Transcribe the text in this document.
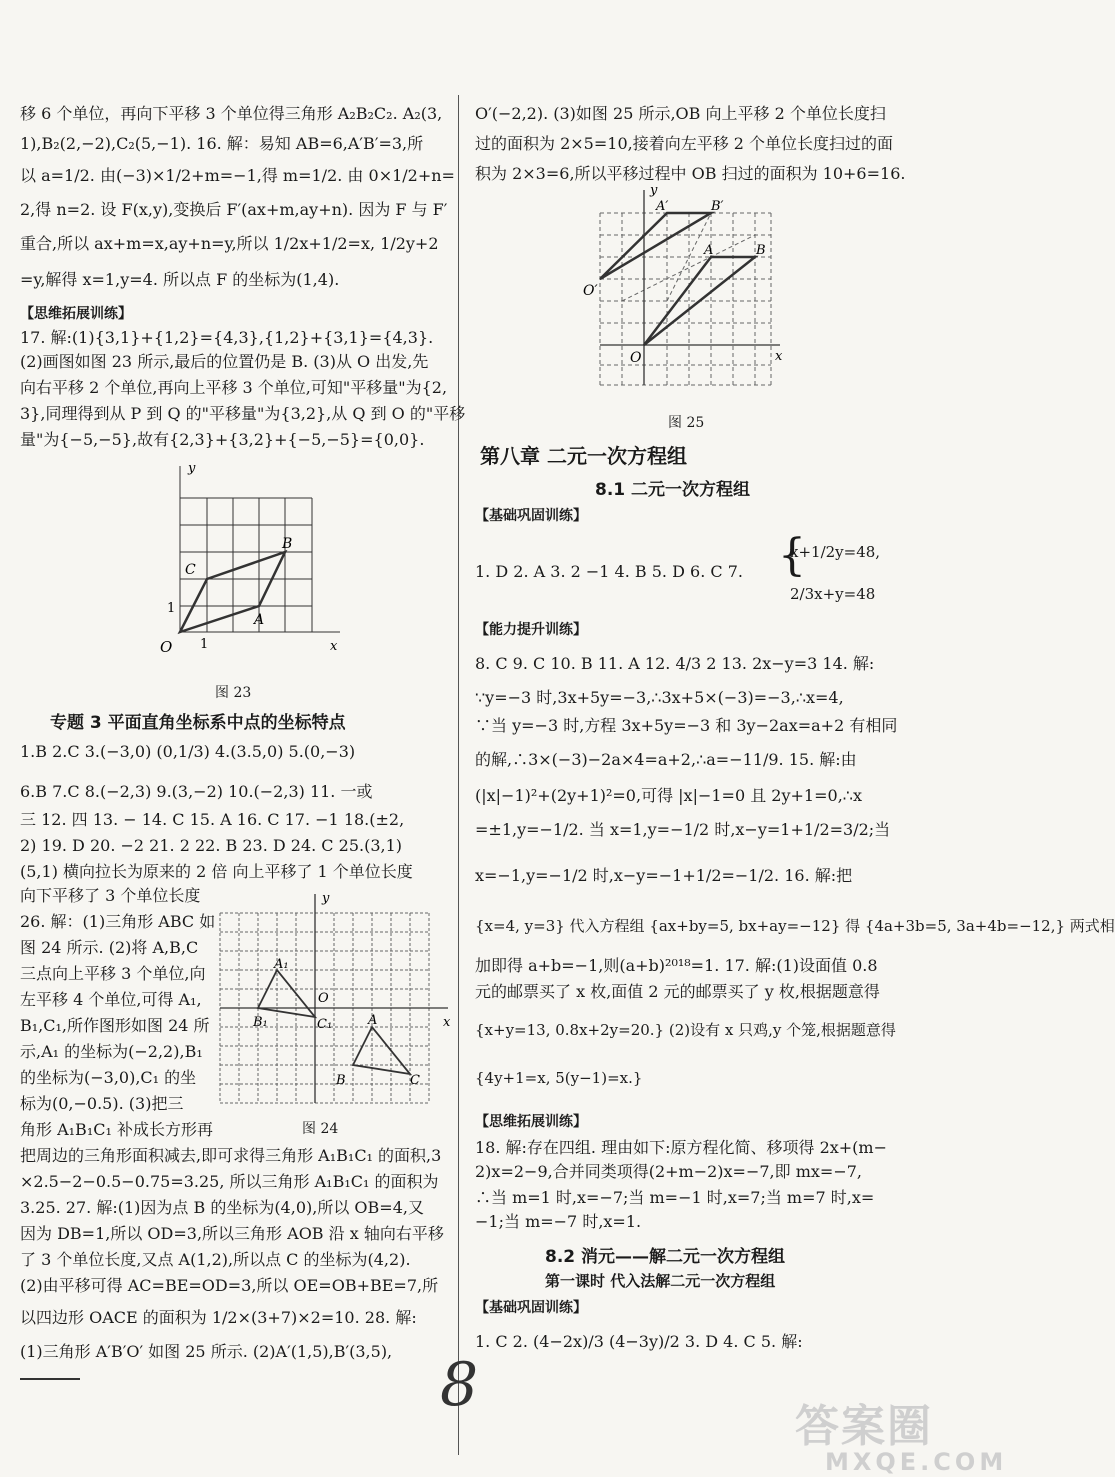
移 6 个单位，再向下平移 3 个单位得三角形 A₂B₂C₂. A₂(3,
1),B₂(2,−2),C₂(5,−1). 16. 解：易知 AB=6,A′B′=3,所
以 a=1/2. 由(−3)×1/2+m=−1,得 m=1/2. 由 0×1/2+n=
2,得 n=2. 设 F(x,y),变换后 F′(ax+m,ay+n). 因为 F 与 F′
重合,所以 ax+m=x,ay+n=y,所以 1/2x+1/2=x, 1/2y+2
=y,解得 x=1,y=4. 所以点 F 的坐标为(1,4).
【思维拓展训练】
17. 解:(1){3,1}+{1,2}={4,3},{1,2}+{3,1}={4,3}.
(2)画图如图 23 所示,最后的位置仍是 B. (3)从 O 出发,先
向右平移 2 个单位,再向上平移 3 个单位,可知"平移量"为{2,
3},同理得到从 P 到 Q 的"平移量"为{3,2},从 Q 到 O 的"平移
量"为{−5,−5},故有{2,3}+{3,2}+{−5,−5}={0,0}.
y
x
O 1
1
A
B
C
图 23
专题 3 平面直角坐标系中点的坐标特点
1.B 2.C 3.(−3,0) (0,1/3) 4.(3.5,0) 5.(0,−3)
6.B 7.C 8.(−2,3) 9.(3,−2) 10.(−2,3) 11. 一或
三 12. 四 13. − 14. C 15. A 16. C 17. −1 18.(±2,
2) 19. D 20. −2 21. 2 22. B 23. D 24. C 25.(3,1)
(5,1) 横向拉长为原来的 2 倍 向上平移了 1 个单位长度
向下平移了 3 个单位长度
26. 解：(1)三角形 ABC 如
图 24 所示. (2)将 A,B,C
三点向上平移 3 个单位,向
左平移 4 个单位,可得 A₁,
B₁,C₁,所作图形如图 24 所
示,A₁ 的坐标为(−2,2),B₁
的坐标为(−3,0),C₁ 的坐
标为(0,−0.5). (3)把三
角形 A₁B₁C₁ 补成长方形再
y
x
O
A₁
B₁	C₁	A
B	C
图 24
把周边的三角形面积减去,即可求得三角形 A₁B₁C₁ 的面积,3
×2.5−2−0.5−0.75=3.25, 所以三角形 A₁B₁C₁ 的面积为
3.25. 27. 解:(1)因为点 B 的坐标为(4,0),所以 OB=4,又
因为 DB=1,所以 OD=3,所以三角形 AOB 沿 x 轴向右平移
了 3 个单位长度,又点 A(1,2),所以点 C 的坐标为(4,2).
(2)由平移可得 AC=BE=OD=3,所以 OE=OB+BE=7,所
以四边形 OACE 的面积为 1/2×(3+7)×2=10. 28. 解:
(1)三角形 A′B′O′ 如图 25 所示. (2)A′(1,5),B′(3,5),
O′(−2,2). (3)如图 25 所示,OB 向上平移 2 个单位长度扫
过的面积为 2×5=10,接着向左平移 2 个单位长度扫过的面
积为 2×3=6,所以平移过程中 OB 扫过的面积为 10+6=16.
y
x
O
O′
A	B
A′	B′
图 25
第八章 二元一次方程组
8.1 二元一次方程组
【基础巩固训练】
1. D 2. A 3. 2 −1 4. B 5. D 6. C 7. {
x+1/2y=48,
2/3x+y=48
【能力提升训练】
8. C 9. C 10. B 11. A 12. 4/3 2 13. 2x−y=3 14. 解:
∵y=−3 时,3x+5y=−3,∴3x+5×(−3)=−3,∴x=4,
∵当 y=−3 时,方程 3x+5y=−3 和 3y−2ax=a+2 有相同
的解,∴3×(−3)−2a×4=a+2,∴a=−11/9. 15. 解:由
(|x|−1)²+(2y+1)²=0,可得 |x|−1=0 且 2y+1=0,∴x
=±1,y=−1/2. 当 x=1,y=−1/2 时,x−y=1+1/2=3/2;当
x=−1,y=−1/2 时,x−y=−1+1/2=−1/2. 16. 解:把
{x=4, y=3} 代入方程组 {ax+by=5, bx+ay=−12} 得 {4a+3b=5, 3a+4b=−12,} 两式相
加即得 a+b=−1,则(a+b)²⁰¹⁸=1. 17. 解:(1)设面值 0.8
元的邮票买了 x 枚,面值 2 元的邮票买了 y 枚,根据题意得
{x+y=13, 0.8x+2y=20.} (2)设有 x 只鸡,y 个笼,根据题意得
{4y+1=x, 5(y−1)=x.}
【思维拓展训练】
18. 解:存在四组. 理由如下:原方程化简、移项得 2x+(m−
2)x=2−9,合并同类项得(2+m−2)x=−7,即 mx=−7,
∴当 m=1 时,x=−7;当 m=−1 时,x=7;当 m=7 时,x=
−1;当 m=−7 时,x=1.
8.2 消元——解二元一次方程组
第一课时 代入法解二元一次方程组
【基础巩固训练】
1. C 2. (4−2x)/3 (4−3y)/2 3. D 4. C 5. 解:
8
答案圈
MXQE.COM
